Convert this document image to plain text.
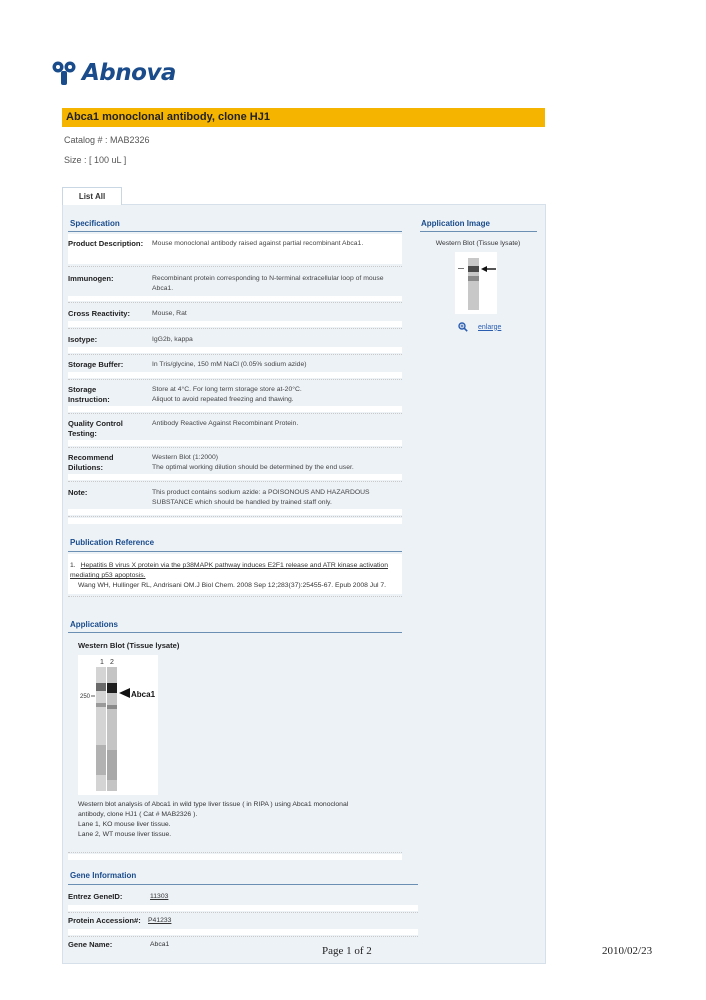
Abnova
Abca1 monoclonal antibody, clone HJ1
Catalog # : MAB2326
Size : [ 100 uL ]
List All
Specification
Product Description:	Mouse monoclonal antibody raised against partial recombinant Abca1.
Immunogen:	Recombinant protein corresponding to N-terminal extracellular loop of mouse Abca1.
Cross Reactivity:	Mouse, Rat
Isotype:	IgG2b, kappa
Storage Buffer:	In Tris/glycine, 150 mM NaCl (0.05% sodium azide)
Storage Instruction:
Store at 4°C. For long term storage store at-20°C.
Aliquot to avoid repeated freezing and thawing.
Quality Control Testing:
Antibody Reactive Against Recombinant Protein.
Recommend Dilutions:
Western Blot (1:2000)
The optimal working dilution should be determined by the end user.
Note:	This product contains sodium azide: a POISONOUS AND HAZARDOUS SUBSTANCE which should be handled by trained staff only.
Application Image
Western Blot (Tissue lysate)
enlarge
Publication Reference
1. Hepatitis B virus X protein via the p38MAPK pathway induces E2F1 release and ATR kinase activation mediating p53 apoptosis.
Wang WH, Hullinger RL, Andrisani OM.J Biol Chem. 2008 Sep 12;283(37):25455-67. Epub 2008 Jul 7.
Applications
Western Blot (Tissue lysate)
1 2
250	Abca1
Western blot analysis of Abca1 in wild type liver tissue ( in RIPA ) using Abca1 monoclonal
antibody, clone HJ1 ( Cat # MAB2326 ).
Lane 1, KO mouse liver tissue.
Lane 2, WT mouse liver tissue.
Gene Information
Entrez GeneID:	11303
Protein Accession#: P41233
Gene Name:	Abca1
Page 1 of 2	2010/02/23
